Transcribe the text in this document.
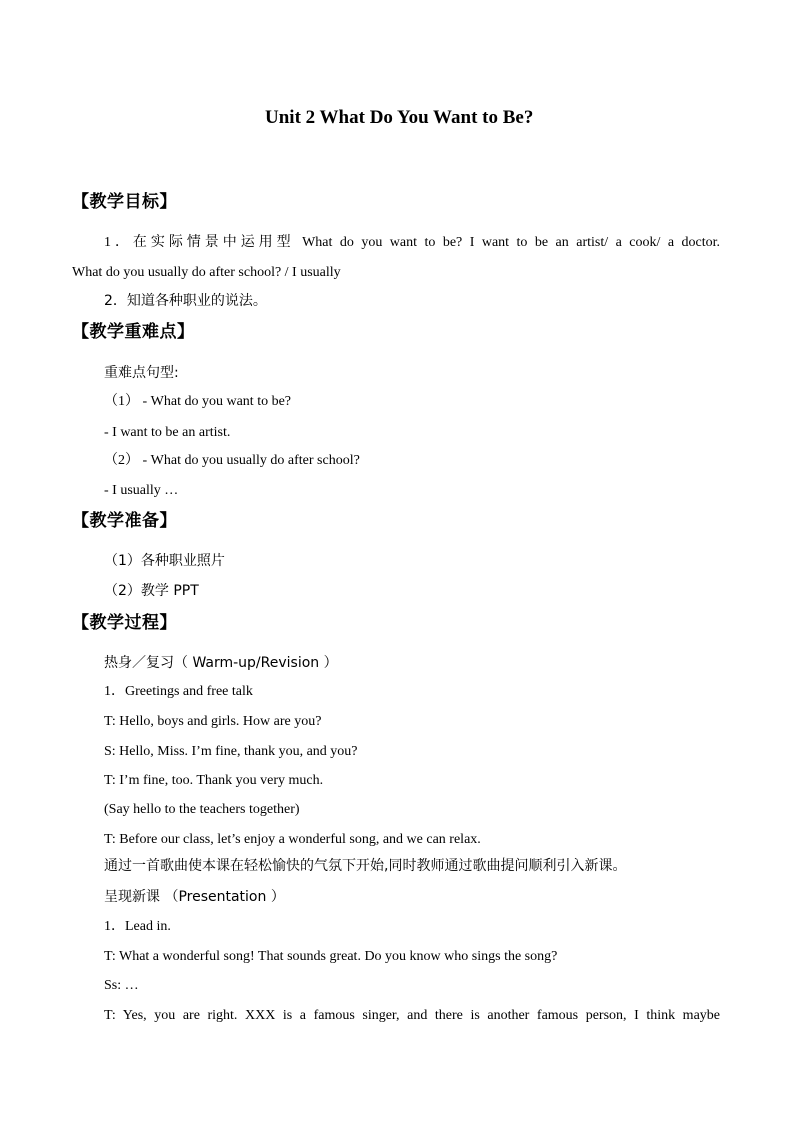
Unit 2 What Do You Want to Be?
【教学目标】
1．在实际情景中运用型 What do you want to be? I want to be an artist/ a cook/ a doctor.
What do you usually do after school? / I usually
2．知道各种职业的说法。
【教学重难点】
重难点句型:
（1） - What do you want to be?
- I want to be an artist.
（2） - What do you usually do after school?
- I usually …
【教学准备】
（1）各种职业照片
（2）教学 PPT
【教学过程】
热身／复习（ Warm-up/Revision ）
1．Greetings and free talk
T: Hello, boys and girls. How are you?
S: Hello, Miss. I’m fine, thank you, and you?
T: I’m fine, too. Thank you very much.
(Say hello to the teachers together)
T: Before our class, let’s enjoy a wonderful song, and we can relax.
通过一首歌曲使本课在轻松愉快的气氛下开始,同时教师通过歌曲提问顺利引入新课。
呈现新课 （Presentation ）
1．Lead in.
T: What a wonderful song! That sounds great. Do you know who sings the song?
Ss: …
T: Yes, you are right. XXX is a famous singer, and there is another famous person, I think maybe
